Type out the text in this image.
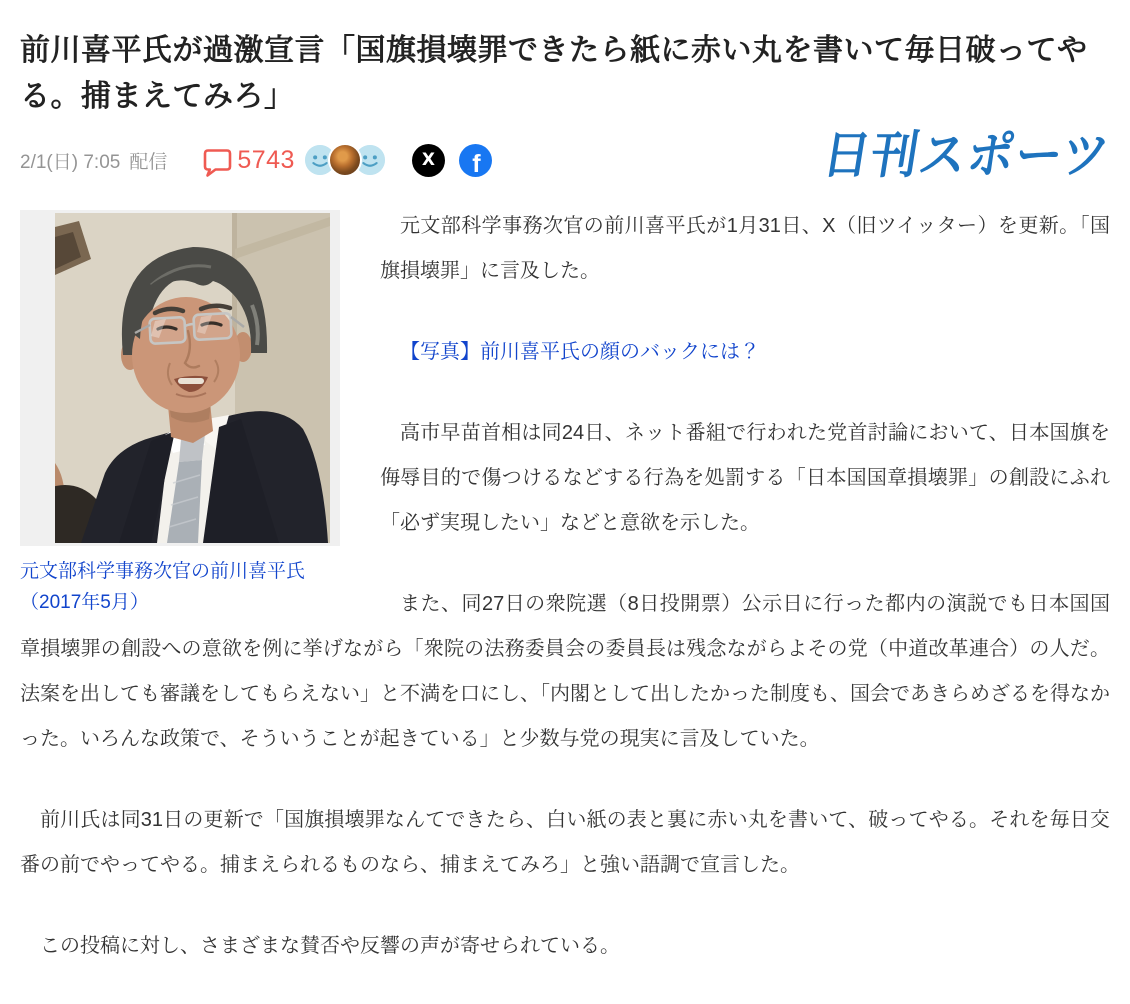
前川喜平氏が過激宣言「国旗損壊罪できたら紙に赤い丸を書いて毎日破ってやる。捕まえてみろ」
2/1(日) 7:05 配信	5743	X f	日刊スポーツ
元文部科学事務次官の前川喜平氏（2017年5月）

元文部科学事務次官の前川喜平氏が1月31日、X（旧ツイッター）を更新。「国旗損壊罪」に言及した。

【写真】前川喜平氏の顔のバックには？

高市早苗首相は同24日、ネット番組で行われた党首討論において、日本国旗を侮辱目的で傷つけるなどする行為を処罰する「日本国国章損壊罪」の創設にふれ「必ず実現したい」などと意欲を示した。

また、同27日の衆院選（8日投開票）公示日に行った都内の演説でも日本国国章損壊罪の創設への意欲を例に挙げながら「衆院の法務委員会の委員長は残念ながらよその党（中道改革連合）の人だ。法案を出しても審議をしてもらえない」と不満を口にし、「内閣として出したかった制度も、国会であきらめざるを得なかった。いろんな政策で、そういうことが起きている」と少数与党の現実に言及していた。

前川氏は同31日の更新で「国旗損壊罪なんてできたら、白い紙の表と裏に赤い丸を書いて、破ってやる。それを毎日交番の前でやってやる。捕まえられるものなら、捕まえてみろ」と強い語調で宣言した。

この投稿に対し、さまざまな賛否や反響の声が寄せられている。
